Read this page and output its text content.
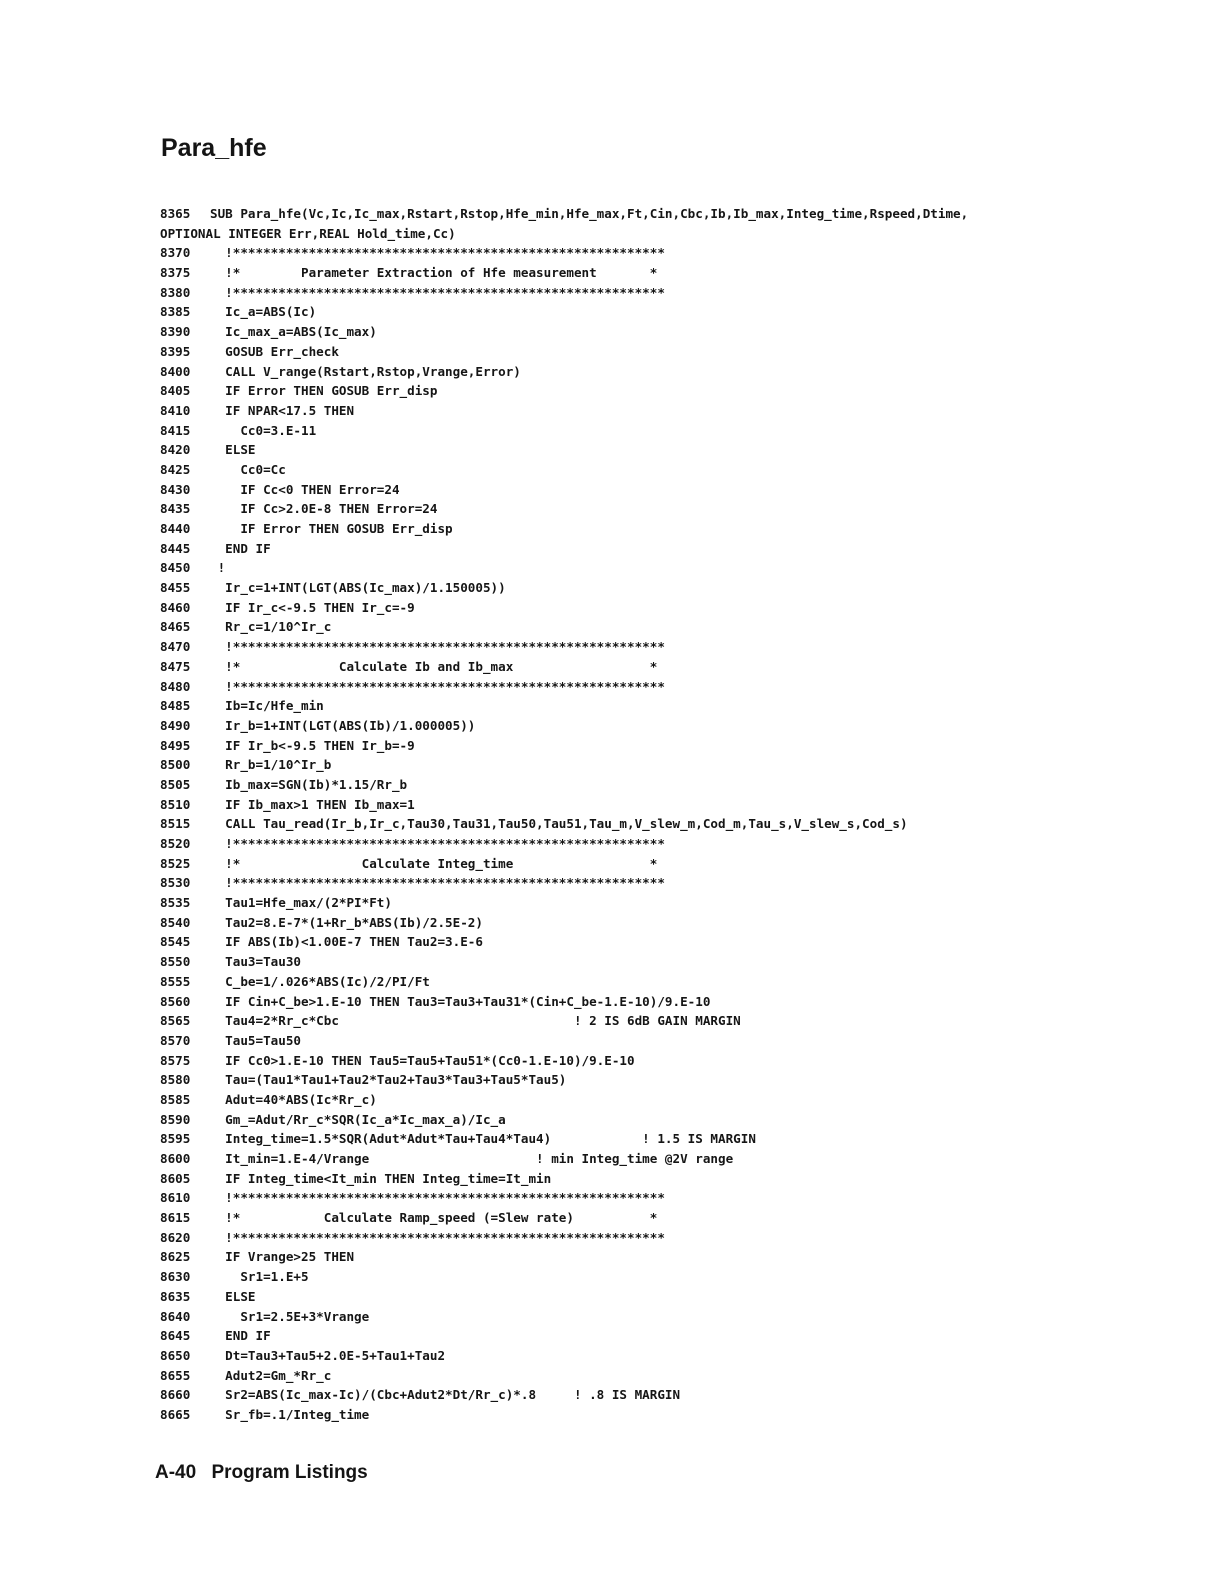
Para_hfe

8365

	SUB Para_hfe(Vc,Ic,Ic_max,Rstart,Rstop,Hfe_min,Hfe_max,Ft,Cin,Cbc,Ib,Ib_max,Integ_time,Rspeed,Dtime,

OPTIONAL INTEGER Err,REAL Hold_time,Cc)

8370	!*********************************************************
8375	!*        Parameter Extraction of Hfe measurement       *
8380	!*********************************************************
8385	Ic_a=ABS(Ic)
8390	Ic_max_a=ABS(Ic_max)
8395	GOSUB Err_check
8400	CALL V_range(Rstart,Rstop,Vrange,Error)
8405	IF Error THEN GOSUB Err_disp
8410	IF NPAR<17.5 THEN
8415	Cc0=3.E-11
8420	ELSE
8425	Cc0=Cc
8430	IF Cc<0 THEN Error=24
8435	IF Cc>2.0E-8 THEN Error=24
8440	IF Error THEN GOSUB Err_disp
8445	END IF
8450	!
8455	Ir_c=1+INT(LGT(ABS(Ic_max)/1.150005))
8460	IF Ir_c<-9.5 THEN Ir_c=-9
8465	Rr_c=1/10^Ir_c
8470	!*********************************************************
8475	!*             Calculate Ib and Ib_max                  *
8480	!*********************************************************
8485	Ib=Ic/Hfe_min
8490	Ir_b=1+INT(LGT(ABS(Ib)/1.000005))
8495	IF Ir_b<-9.5 THEN Ir_b=-9
8500	Rr_b=1/10^Ir_b
8505	Ib_max=SGN(Ib)*1.15/Rr_b
8510	IF Ib_max>1 THEN Ib_max=1
8515	CALL Tau_read(Ir_b,Ir_c,Tau30,Tau31,Tau50,Tau51,Tau_m,V_slew_m,Cod_m,Tau_s,V_slew_s,Cod_s)
8520	!*********************************************************
8525	!*                Calculate Integ_time                  *
8530	!*********************************************************
8535	Tau1=Hfe_max/(2*PI*Ft)
8540	Tau2=8.E-7*(1+Rr_b*ABS(Ib)/2.5E-2)
8545	IF ABS(Ib)<1.00E-7 THEN Tau2=3.E-6
8550	Tau3=Tau30
8555	C_be=1/.026*ABS(Ic)/2/PI/Ft
8560	IF Cin+C_be>1.E-10 THEN Tau3=Tau3+Tau31*(Cin+C_be-1.E-10)/9.E-10
8565	Tau4=2*Rr_c*Cbc                               ! 2 IS 6dB GAIN MARGIN
8570	Tau5=Tau50
8575	IF Cc0>1.E-10 THEN Tau5=Tau5+Tau51*(Cc0-1.E-10)/9.E-10
8580	Tau=(Tau1*Tau1+Tau2*Tau2+Tau3*Tau3+Tau5*Tau5)
8585	Adut=40*ABS(Ic*Rr_c)
8590	Gm_=Adut/Rr_c*SQR(Ic_a*Ic_max_a)/Ic_a
8595	Integ_time=1.5*SQR(Adut*Adut*Tau+Tau4*Tau4)            ! 1.5 IS MARGIN
8600	It_min=1.E-4/Vrange                      ! min Integ_time @2V range
8605	IF Integ_time<It_min THEN Integ_time=It_min
8610	!*********************************************************
8615	!*           Calculate Ramp_speed (=Slew rate)          *
8620	!*********************************************************
8625	IF Vrange>25 THEN
8630	Sr1=1.E+5
8635	ELSE
8640	Sr1=2.5E+3*Vrange
8645	END IF
8650	Dt=Tau3+Tau5+2.0E-5+Tau1+Tau2
8655	Adut2=Gm_*Rr_c
8660	Sr2=ABS(Ic_max-Ic)/(Cbc+Adut2*Dt/Rr_c)*.8     ! .8 IS MARGIN
8665	Sr_fb=.1/Integ_time
A-40 Program Listings
